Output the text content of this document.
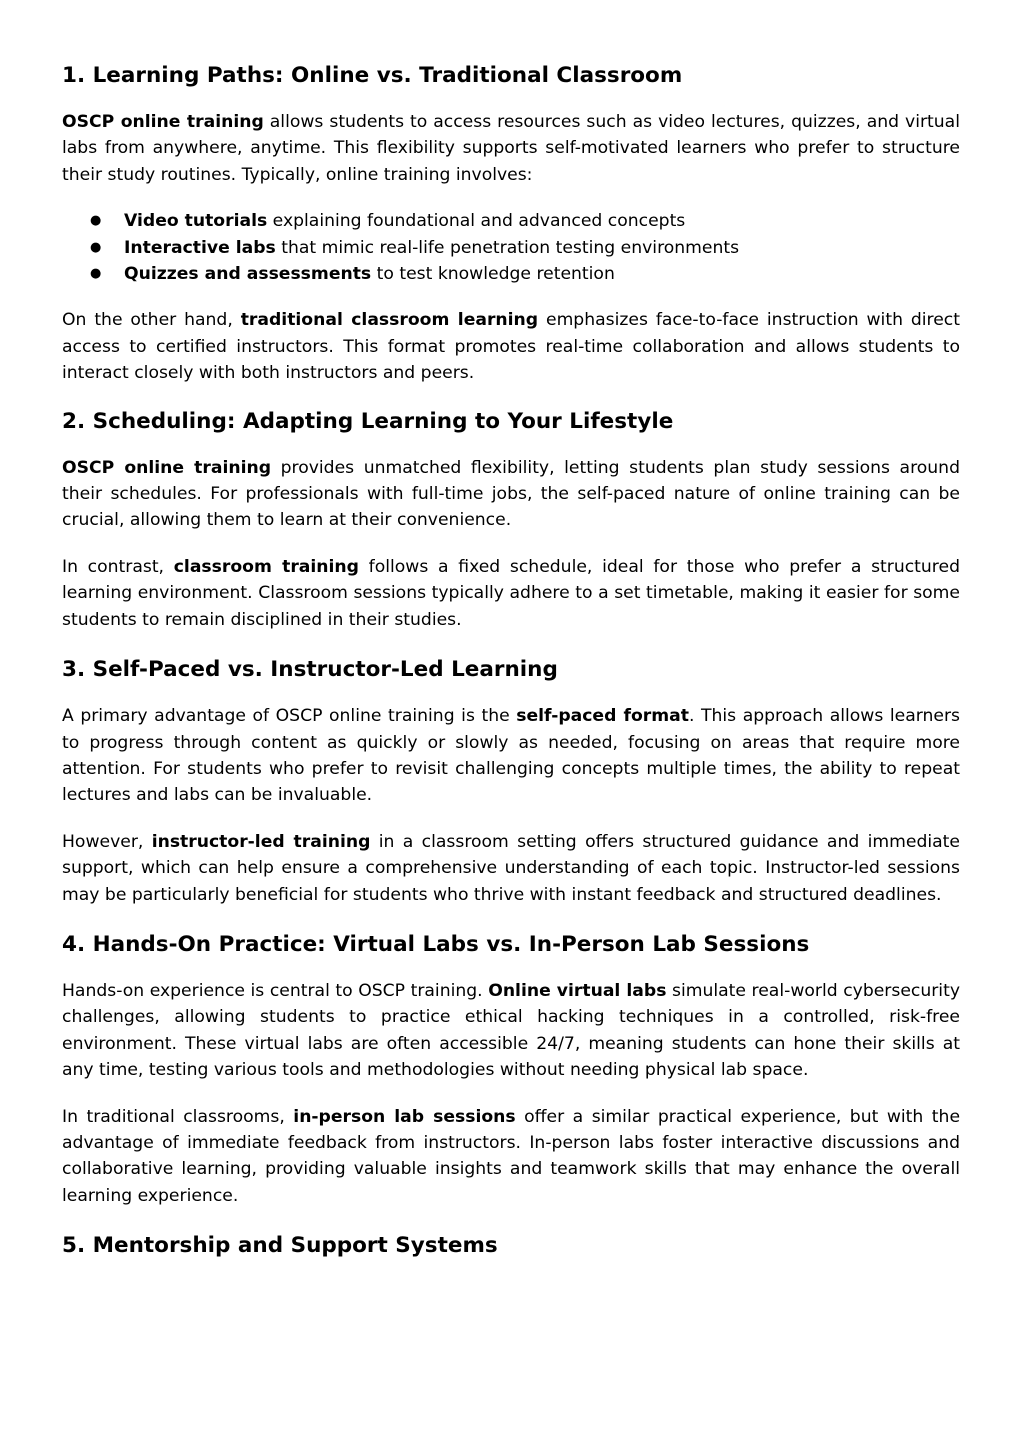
1. Learning Paths: Online vs. Traditional Classroom

OSCP online training allows students to access resources such as video lectures, quizzes, and virtual labs from anywhere, anytime. This flexibility supports self-motivated learners who prefer to structure their study routines. Typically, online training involves:

● Video tutorials explaining foundational and advanced concepts
● Interactive labs that mimic real-life penetration testing environments
● Quizzes and assessments to test knowledge retention

On the other hand, traditional classroom learning emphasizes face-to-face instruction with direct access to certified instructors. This format promotes real-time collaboration and allows students to interact closely with both instructors and peers.

2. Scheduling: Adapting Learning to Your Lifestyle

OSCP online training provides unmatched flexibility, letting students plan study sessions around their schedules. For professionals with full-time jobs, the self-paced nature of online training can be crucial, allowing them to learn at their convenience.

In contrast, classroom training follows a fixed schedule, ideal for those who prefer a structured learning environment. Classroom sessions typically adhere to a set timetable, making it easier for some students to remain disciplined in their studies.

3. Self-Paced vs. Instructor-Led Learning

A primary advantage of OSCP online training is the self-paced format. This approach allows learners to progress through content as quickly or slowly as needed, focusing on areas that require more attention. For students who prefer to revisit challenging concepts multiple times, the ability to repeat lectures and labs can be invaluable.

However, instructor-led training in a classroom setting offers structured guidance and immediate support, which can help ensure a comprehensive understanding of each topic. Instructor-led sessions may be particularly beneficial for students who thrive with instant feedback and structured deadlines.

4. Hands-On Practice: Virtual Labs vs. In-Person Lab Sessions

Hands-on experience is central to OSCP training. Online virtual labs simulate real-world cybersecurity challenges, allowing students to practice ethical hacking techniques in a controlled, risk-free environment. These virtual labs are often accessible 24/7, meaning students can hone their skills at any time, testing various tools and methodologies without needing physical lab space.

In traditional classrooms, in-person lab sessions offer a similar practical experience, but with the advantage of immediate feedback from instructors. In-person labs foster interactive discussions and collaborative learning, providing valuable insights and teamwork skills that may enhance the overall learning experience.

5. Mentorship and Support Systems
